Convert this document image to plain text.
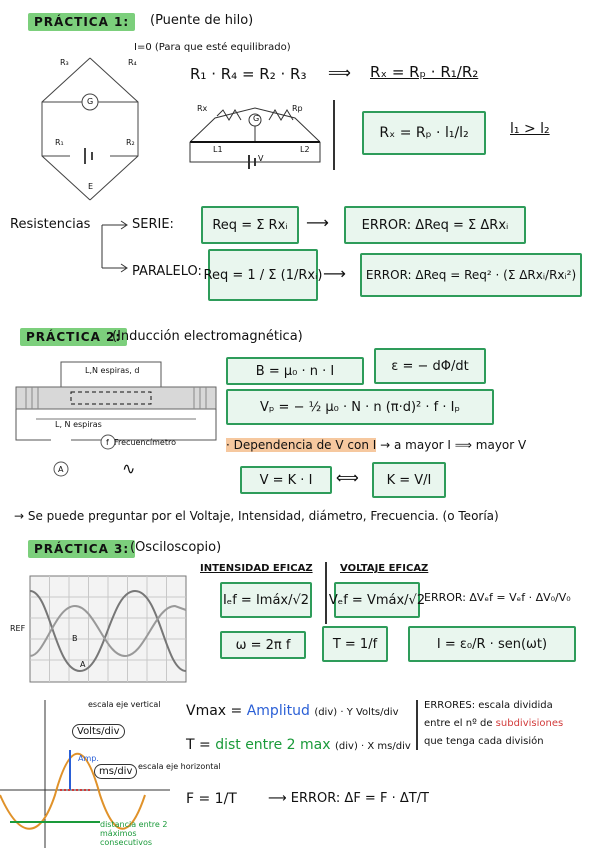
PRÁCTICA 1:	(Puente de hilo)
R₃	R₄
G
R₁	R₂
E
I=0 (Para que esté equilibrado)
R₁ · R₄ = R₂ · R₃ ⟹ Rₓ = Rₚ · R₁/R₂
Rx	Rp
G
L1	L2
V
Rₓ = Rₚ · l₁/l₂	l₁ > l₂
Resistencias	SERIE:	Req = Σ Rxᵢ	⟶	ERROR: ΔReq = Σ ΔRxᵢ
PARALELO: Req = 1 / Σ (1/Rxᵢ) ⟶	ERROR: ΔReq = Req² · (Σ ΔRxᵢ/Rxᵢ²)
PRÁCTICA 2:
(Inducción electromagnética)
L,N espiras, d
L, N espiras
Frecuencímetro
A
f
∿
B = μ₀ · n · I	ε = − dΦ/dt
Vₚ = − ½ μ₀ · N · n (π·d)² · f · Iₚ
· Dependencia de V con I → a mayor I ⟹ mayor V
V = K · I	⟺	K = V/I
→ Se puede preguntar por el Voltaje, Intensidad, diámetro, Frecuencia. (o Teoría)
PRÁCTICA 3: (Osciloscopio)
REF
B
A
INTENSIDAD EFICAZ	VOLTAJE EFICAZ
Iₑf = Imáx/√2 Vₑf = Vmáx/√2
ERROR: ΔVₑf = Vₑf · ΔV₀/V₀
ω = 2π f	T = 1/f	I = ε₀/R · sen(ωt)
escala eje vertical
Volts/div
Amp.
ms/div escala eje horizontal
distancia entre 2 máximos consecutivos
Vmax = Amplitud (div) · Y Volts/div
T = dist entre 2 max (div) · X ms/div
ERRORES: escala dividida
entre el nº de subdivisiones
que tenga cada división
F = 1/T ⟶ ERROR: ΔF = F · ΔT/T
